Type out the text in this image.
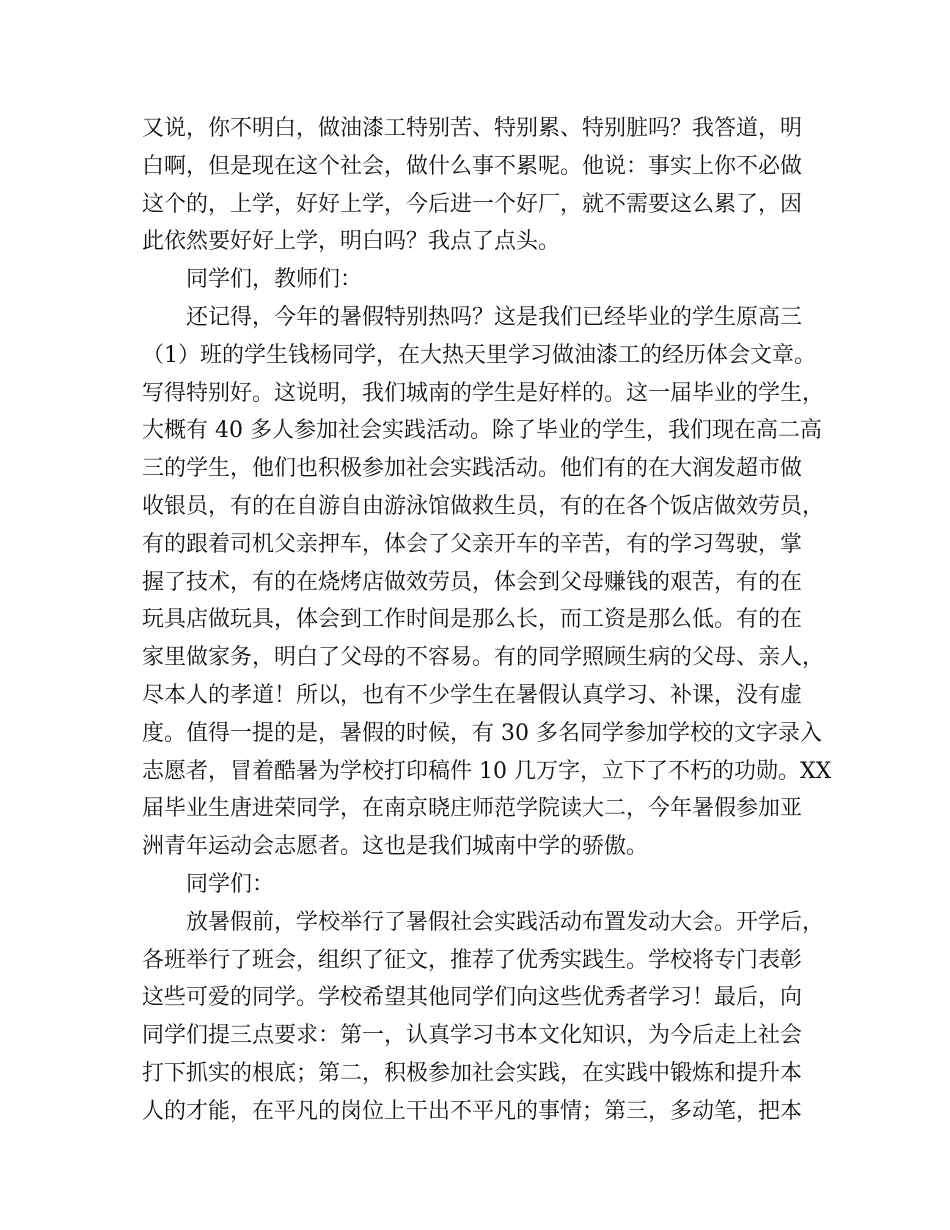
又说，你不明白，做油漆工特别苦、特别累、特别脏吗？我答道，明
白啊，但是现在这个社会，做什么事不累呢。他说：事实上你不必做
这个的，上学，好好上学，今后进一个好厂，就不需要这么累了，因
此依然要好好上学，明白吗？我点了点头。
同学们，教师们：
还记得，今年的暑假特别热吗？这是我们已经毕业的学生原高三
（1）班的学生钱杨同学，在大热天里学习做油漆工的经历体会文章。
写得特别好。这说明，我们城南的学生是好样的。这一届毕业的学生，
大概有 40 多人参加社会实践活动。除了毕业的学生，我们现在高二高
三的学生，他们也积极参加社会实践活动。他们有的在大润发超市做
收银员，有的在自游自由游泳馆做救生员，有的在各个饭店做效劳员，
有的跟着司机父亲押车，体会了父亲开车的辛苦，有的学习驾驶，掌
握了技术，有的在烧烤店做效劳员，体会到父母赚钱的艰苦，有的在
玩具店做玩具，体会到工作时间是那么长，而工资是那么低。有的在
家里做家务，明白了父母的不容易。有的同学照顾生病的父母、亲人，
尽本人的孝道！所以，也有不少学生在暑假认真学习、补课，没有虚
度。值得一提的是，暑假的时候，有 30 多名同学参加学校的文字录入
志愿者，冒着酷暑为学校打印稿件 10 几万字，立下了不朽的功勋。XX
届毕业生唐进荣同学，在南京晓庄师范学院读大二，今年暑假参加亚
洲青年运动会志愿者。这也是我们城南中学的骄傲。
同学们：
放暑假前，学校举行了暑假社会实践活动布置发动大会。开学后，
各班举行了班会，组织了征文，推荐了优秀实践生。学校将专门表彰
这些可爱的同学。学校希望其他同学们向这些优秀者学习！最后，向
同学们提三点要求：第一，认真学习书本文化知识，为今后走上社会
打下抓实的根底；第二，积极参加社会实践，在实践中锻炼和提升本
人的才能，在平凡的岗位上干出不平凡的事情；第三，多动笔，把本
